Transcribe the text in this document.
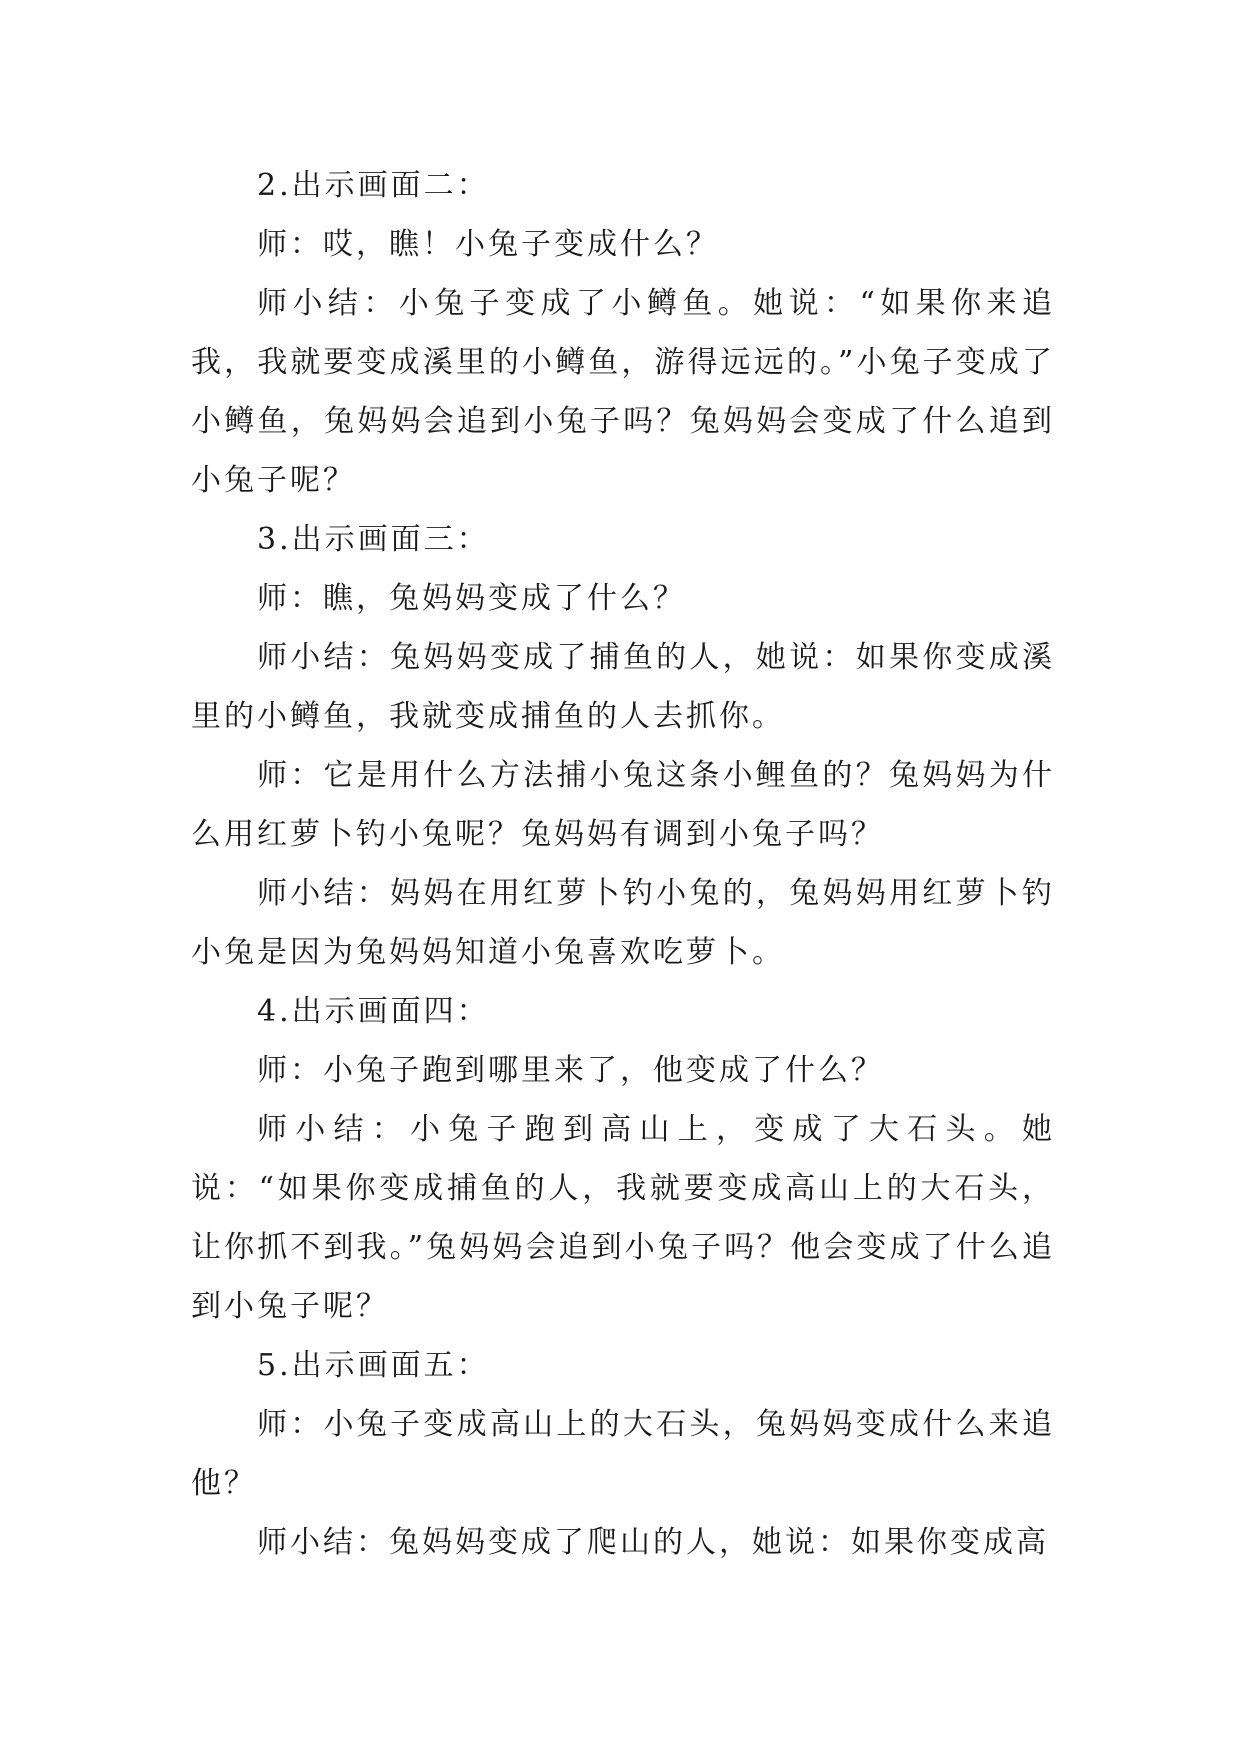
2.出示画面二：

师：哎，瞧！小兔子变成什么？

师小结：小兔子变成了小鳟鱼。她说：“如果你来追我，我就要变成溪里的小鳟鱼，游得远远的。”小兔子变成了小鳟鱼，兔妈妈会追到小兔子吗？兔妈妈会变成了什么追到小兔子呢？

3.出示画面三：

师：瞧，兔妈妈变成了什么？

师小结：兔妈妈变成了捕鱼的人，她说：如果你变成溪里的小鳟鱼，我就变成捕鱼的人去抓你。

师：它是用什么方法捕小兔这条小鲤鱼的？兔妈妈为什么用红萝卜钓小兔呢？兔妈妈有调到小兔子吗？

师小结：妈妈在用红萝卜钓小兔的，兔妈妈用红萝卜钓小兔是因为兔妈妈知道小兔喜欢吃萝卜。

4.出示画面四：

师：小兔子跑到哪里来了，他变成了什么？

师小结：小兔子跑到高山上，变成了大石头。她说：“如果你变成捕鱼的人，我就要变成高山上的大石头，让你抓不到我。”兔妈妈会追到小兔子吗？他会变成了什么追到小兔子呢？

5.出示画面五：

师：小兔子变成高山上的大石头，兔妈妈变成什么来追他？

师小结：兔妈妈变成了爬山的人，她说：如果你变成高
